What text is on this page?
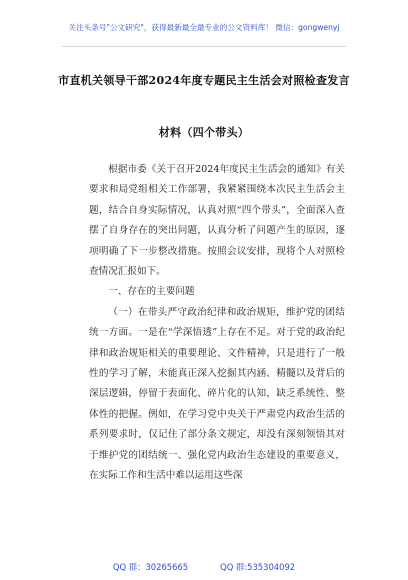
关注头条号"公文研究"，获得最新最全最专业的公文资料库！ 微信：gongwenyj
市直机关领导干部2024年度专题民主生活会对照检查发言
材料（四个带头）

根据市委《关于召开2024年度民主生活会的通知》有关要求和局党组相关工作部署，我紧紧围绕本次民主生活会主题，结合自身实际情况，认真对照“四个带头”，全面深入查摆了自身存在的突出问题，认真分析了问题产生的原因，逐项明确了下一步整改措施。按照会议安排，现将个人对照检查情况汇报如下。

一、存在的主要问题

（一）在带头严守政治纪律和政治规矩，维护党的团结统一方面。一是在“学深悟透”上存在不足。对于党的政治纪律和政治规矩相关的重要理论、文件精神，只是进行了一般性的学习了解，未能真正深入挖掘其内涵、精髓以及背后的深层逻辑，停留于表面化、碎片化的认知，缺乏系统性、整体性的把握。例如，在学习党中央关于严肃党内政治生活的系列要求时，仅记住了部分条文规定，却没有深刻领悟其对于维护党的团结统一、强化党内政治生态建设的重要意义，在实际工作和生活中难以运用这些深

QQ 群：30265665	QQ 群:535304092
